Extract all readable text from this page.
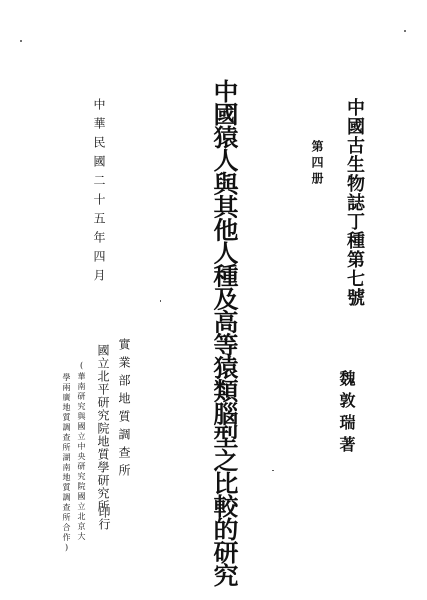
中國古生物誌丁種第七號
第四册
魏敦瑞著
中國猿人與其他人種及高等猿類腦型之比較的研究
中華民國二十五年四月
實業部地質調查所
國立北平研究院地質學研究所
印行
(華南研究與國立中央研究院國立北京大
學兩廣地質調查所湖南地質調查所合作)
